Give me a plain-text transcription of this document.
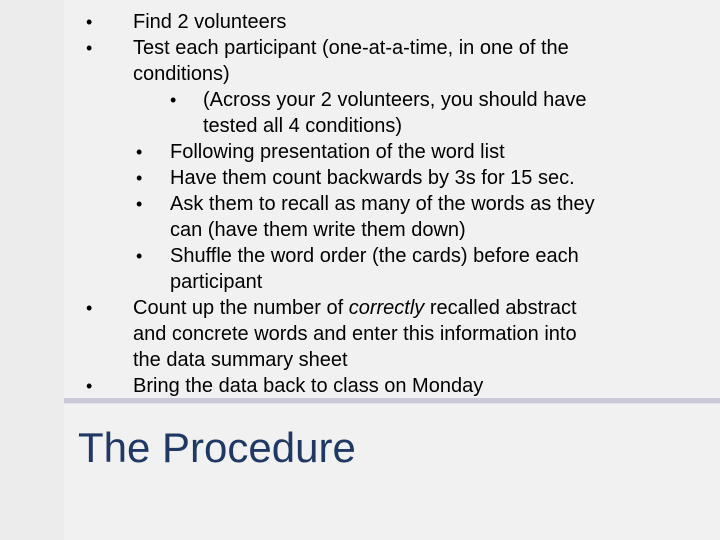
• Find 2 volunteers
• Test each participant (one-at-a-time, in one of the
conditions)
• (Across your 2 volunteers, you should have
tested all 4 conditions)
• Following presentation of the word list
• Have them count backwards by 3s for 15 sec.
• Ask them to recall as many of the words as they
can (have them write them down)
• Shuffle the word order (the cards) before each
participant
• Count up the number of correctly recalled abstract
and concrete words and enter this information into
the data summary sheet
• Bring the data back to class on Monday
The Procedure
